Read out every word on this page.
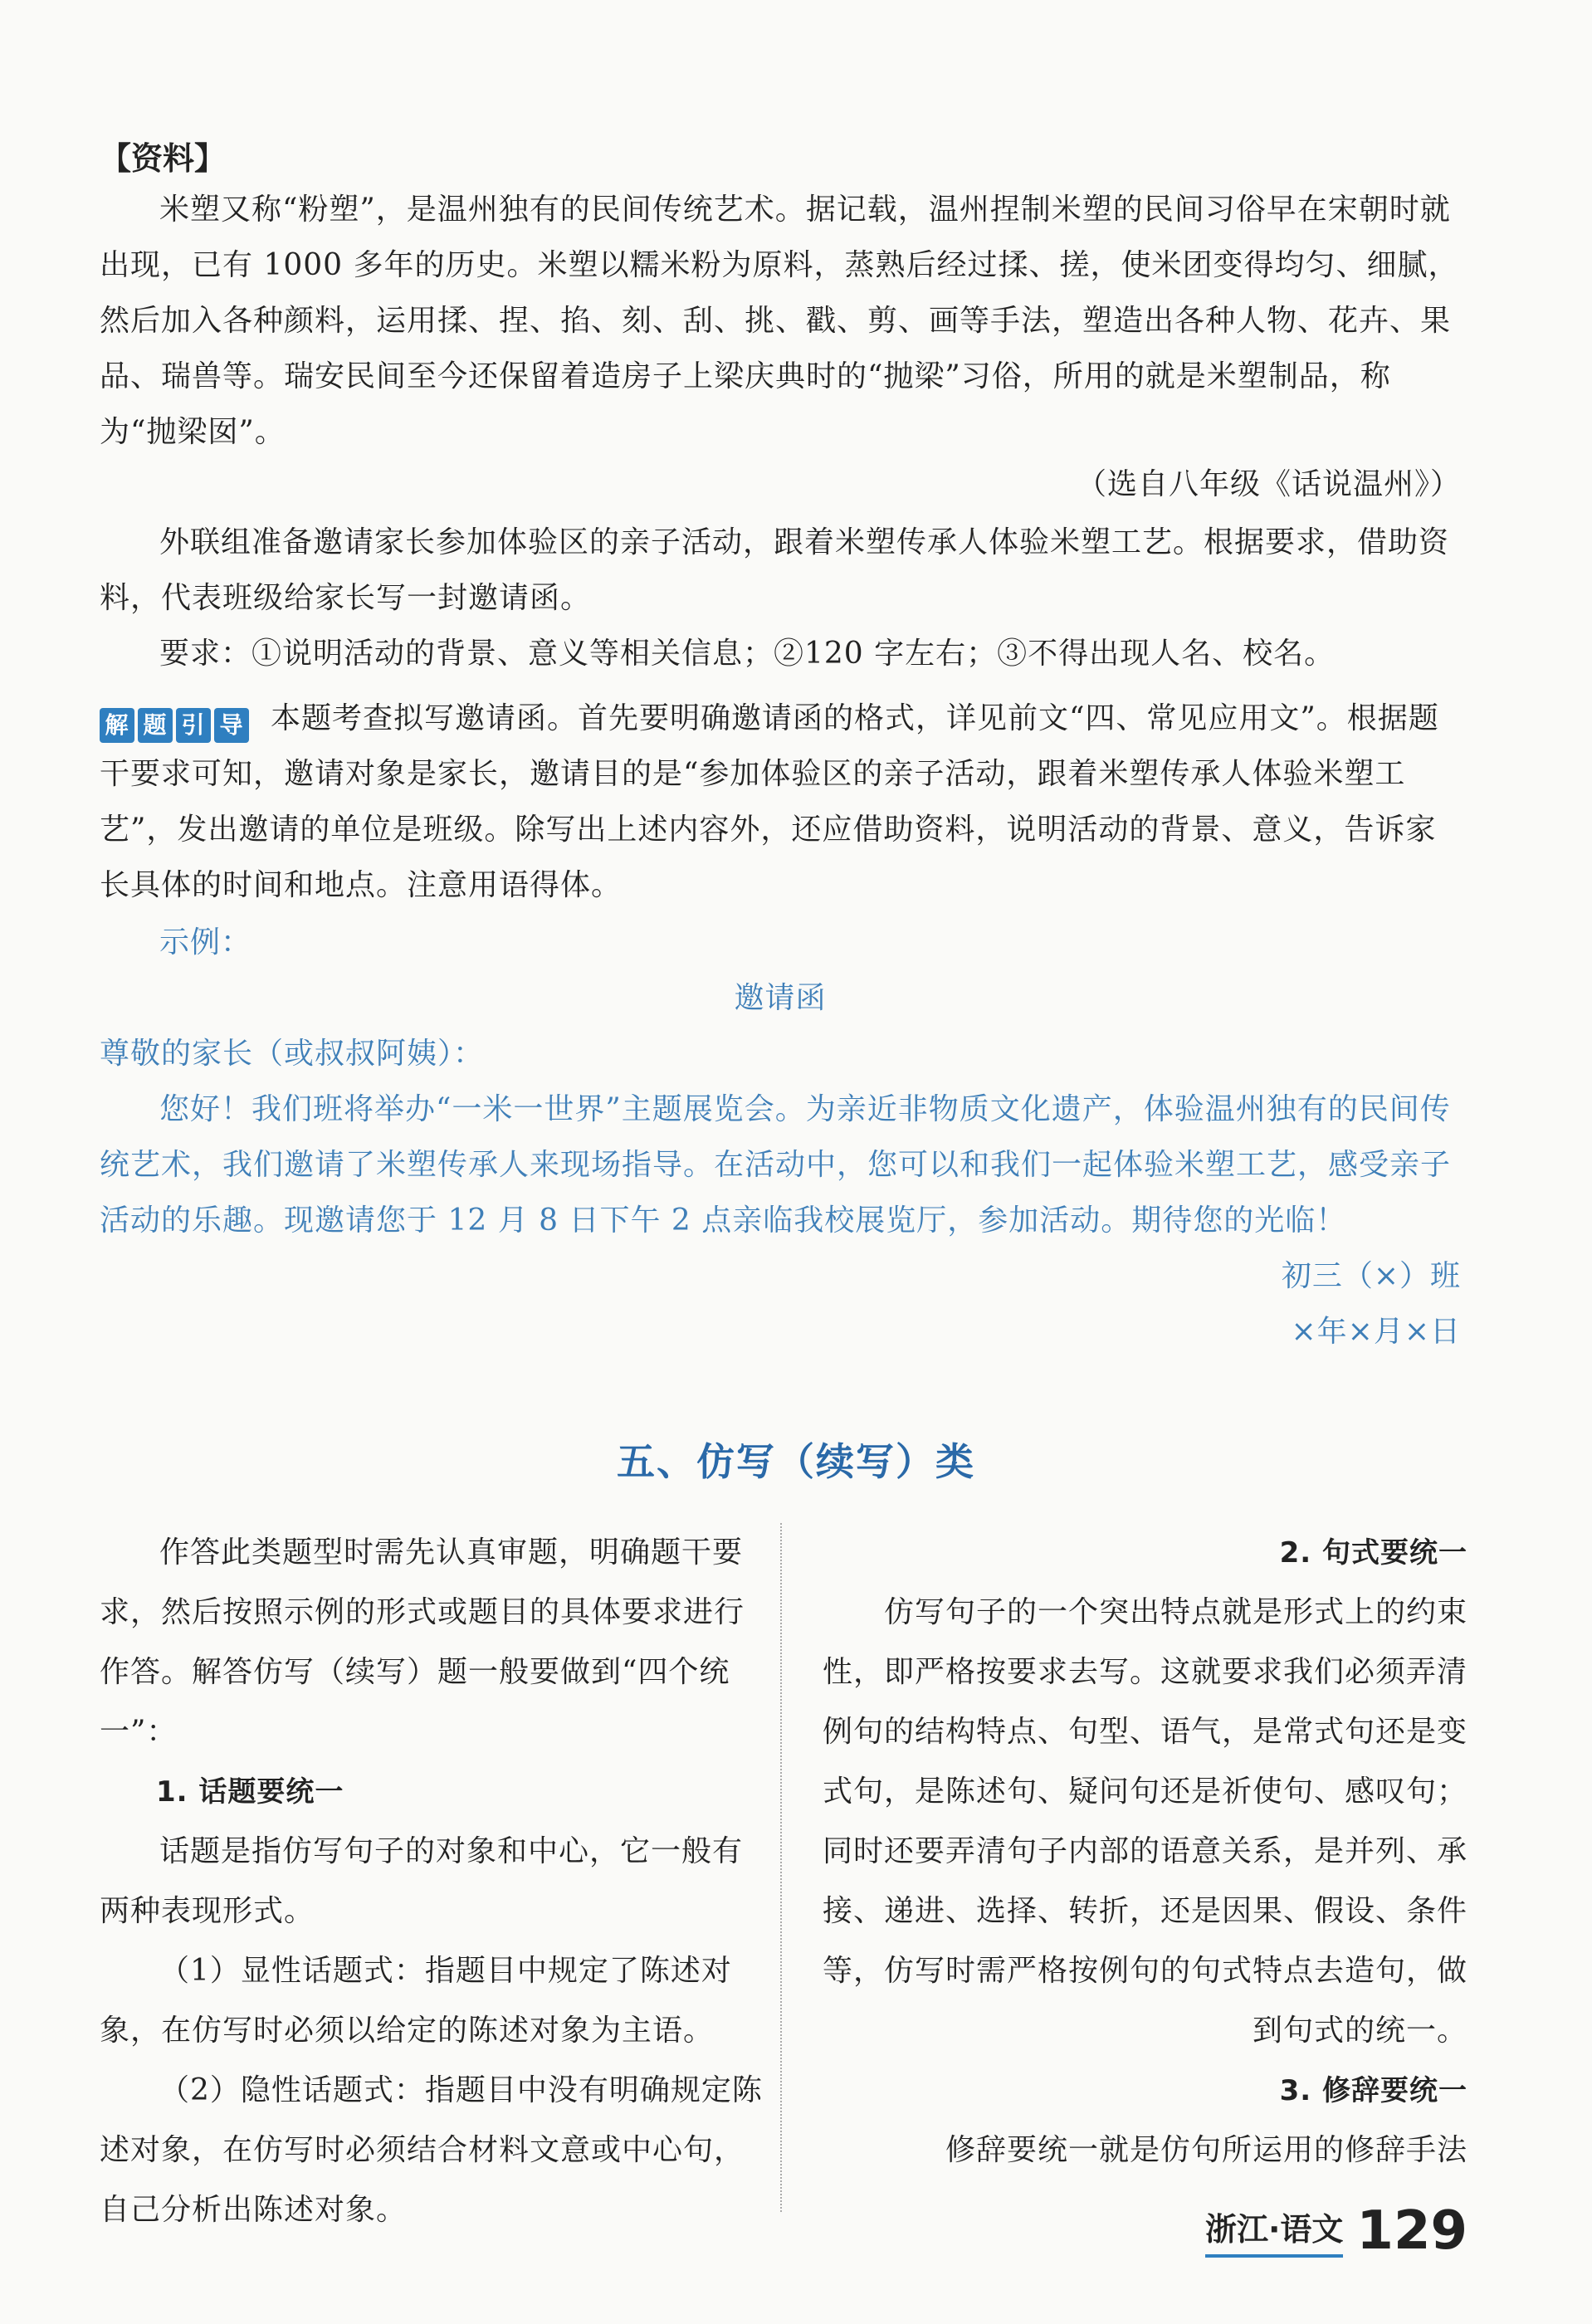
【资料】

米塑又称“粉塑”，是温州独有的民间传统艺术。据记载，温州捏制米塑的民间习俗早在宋朝时就出现，已有 1000 多年的历史。米塑以糯米粉为原料，蒸熟后经过揉、搓，使米团变得均匀、细腻，然后加入各种颜料，运用揉、捏、掐、刻、刮、挑、戳、剪、画等手法，塑造出各种人物、花卉、果品、瑞兽等。瑞安民间至今还保留着造房子上梁庆典时的“抛梁”习俗，所用的就是米塑制品，称为“抛梁囡”。

（选自八年级《话说温州》）

外联组准备邀请家长参加体验区的亲子活动，跟着米塑传承人体验米塑工艺。根据要求，借助资料，代表班级给家长写一封邀请函。

要求：①说明活动的背景、意义等相关信息；②120 字左右；③不得出现人名、校名。

解 题 引 导 本题考查拟写邀请函。首先要明确邀请函的格式，详见前文“四、常见应用文”。根据题干要求可知，邀请对象是家长，邀请目的是“参加体验区的亲子活动，跟着米塑传承人体验米塑工艺”，发出邀请的单位是班级。除写出上述内容外，还应借助资料，说明活动的背景、意义，告诉家长具体的时间和地点。注意用语得体。

示例：

邀请函

尊敬的家长（或叔叔阿姨）：

您好！我们班将举办“一米一世界”主题展览会。为亲近非物质文化遗产，体验温州独有的民间传统艺术，我们邀请了米塑传承人来现场指导。在活动中，您可以和我们一起体验米塑工艺，感受亲子活动的乐趣。现邀请您于 12 月 8 日下午 2 点亲临我校展览厅，参加活动。期待您的光临！

初三（×）班

×年×月×日

五、仿写（续写）类

作答此类题型时需先认真审题，明确题干要求，然后按照示例的形式或题目的具体要求进行作答。解答仿写（续写）题一般要做到“四个统一”：

1. 话题要统一

话题是指仿写句子的对象和中心，它一般有两种表现形式。

（1）显性话题式：指题目中规定了陈述对象，在仿写时必须以给定的陈述对象为主语。

（2）隐性话题式：指题目中没有明确规定陈述对象，在仿写时必须结合材料文意或中心句，自己分析出陈述对象。

2. 句式要统一

仿写句子的一个突出特点就是形式上的约束性，即严格按要求去写。这就要求我们必须弄清例句的结构特点、句型、语气，是常式句还是变式句，是陈述句、疑问句还是祈使句、感叹句；同时还要弄清句子内部的语意关系，是并列、承接、递进、选择、转折，还是因果、假设、条件等，仿写时需严格按例句的句式特点去造句，做到句式的统一。

3. 修辞要统一

修辞要统一就是仿句所运用的修辞手法

浙江·语文 129
